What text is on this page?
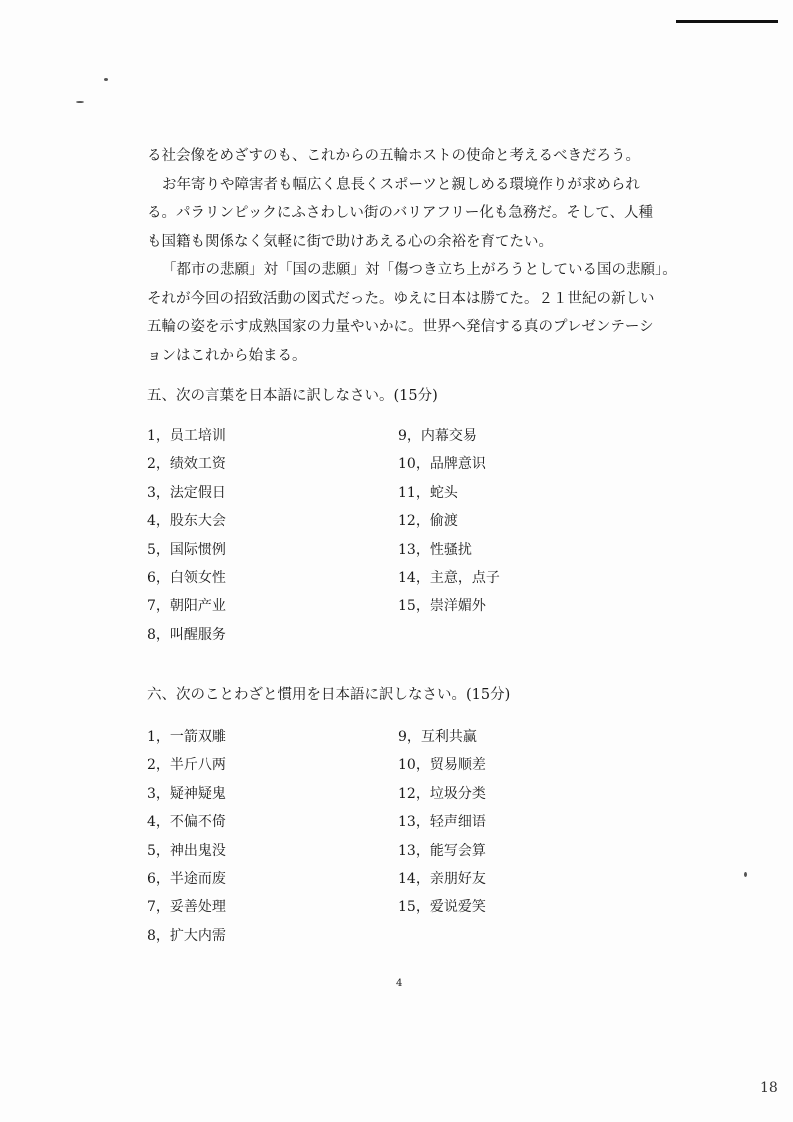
る社会像をめざすのも、これからの五輪ホストの使命と考えるべきだろう。

お年寄りや障害者も幅広く息長くスポーツと親しめる環境作りが求められ

る。パラリンピックにふさわしい街のバリアフリー化も急務だ。そして、人種

も国籍も関係なく気軽に街で助けあえる心の余裕を育てたい。

「都市の悲願」対「国の悲願」対「傷つき立ち上がろうとしている国の悲願」。

それが今回の招致活動の図式だった。ゆえに日本は勝てた。２１世紀の新しい

五輪の姿を示す成熟国家の力量やいかに。世界へ発信する真のプレゼンテーシ

ョンはこれから始まる。

五、次の言葉を日本語に訳しなさい。(15分)
1，员工培训
2，绩效工资
3，法定假日
4，股东大会
5，国际惯例
6，白领女性
7，朝阳产业
8，叫醒服务
9，内幕交易
10，品牌意识
11，蛇头
12，偷渡
13，性骚扰
14，主意，点子
15，崇洋媚外
六、次のことわざと慣用を日本語に訳しなさい。(15分)
1，一箭双雕
2，半斤八两
3，疑神疑鬼
4，不偏不倚
5，神出鬼没
6，半途而废
7，妥善处理
8，扩大内需
9，互利共赢
10，贸易顺差
12，垃圾分类
13，轻声细语
13，能写会算
14，亲朋好友
15，爱说爱笑
4
18
